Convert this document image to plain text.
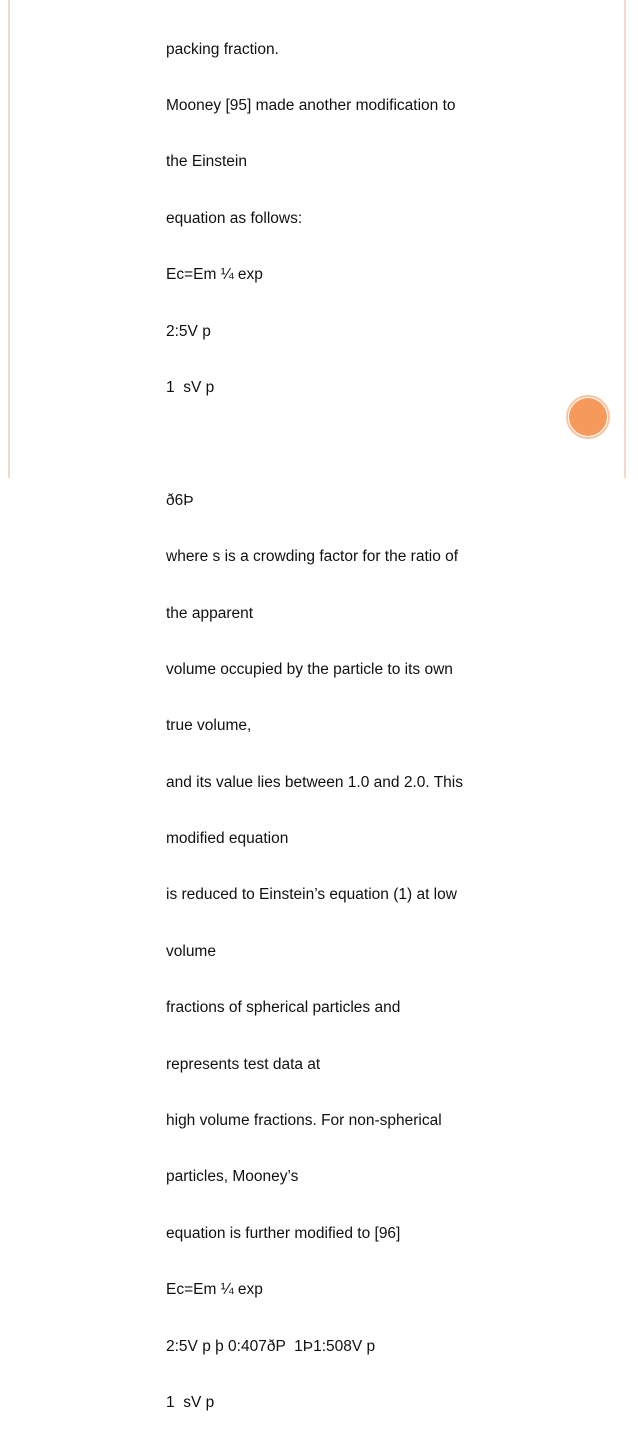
packing fraction.

Mooney [95] made another modification to

the Einstein

equation as follows:

Ec=Em ¼ exp

2:5V p

1  sV p

ð6Þ

where s is a crowding factor for the ratio of

the apparent

volume occupied by the particle to its own

true volume,

and its value lies between 1.0 and 2.0. This

modified equation

is reduced to Einstein’s equation (1) at low

volume

fractions of spherical particles and

represents test data at

high volume fractions. For non-spherical

particles, Mooney’s

equation is further modified to [96]

Ec=Em ¼ exp

2:5V p þ 0:407ðP  1Þ1:508V p

1  sV p
